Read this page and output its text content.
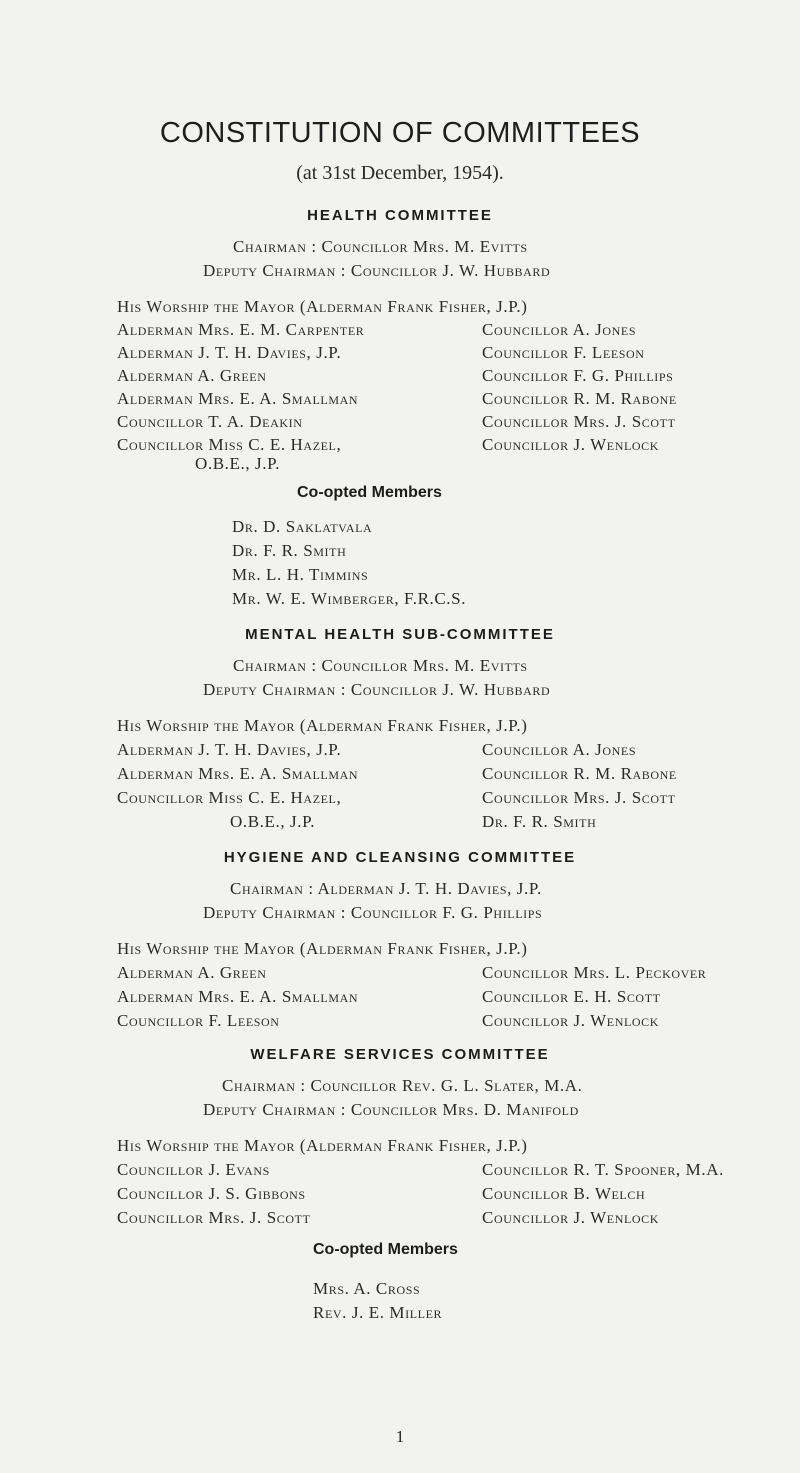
CONSTITUTION OF COMMITTEES
(at 31st December, 1954).
HEALTH COMMITTEE
Chairman : Councillor Mrs. M. Evitts
Deputy Chairman : Councillor J. W. Hubbard
His Worship the Mayor (Alderman Frank Fisher, J.P.)
Alderman Mrs. E. M. Carpenter
Alderman J. T. H. Davies, J.P.
Alderman A. Green
Alderman Mrs. E. A. Smallman
Councillor T. A. Deakin
Councillor Miss C. E. Hazel,
O.B.E., J.P.
Councillor A. Jones
Councillor F. Leeson
Councillor F. G. Phillips
Councillor R. M. Rabone
Councillor Mrs. J. Scott
Councillor J. Wenlock
Co-opted Members
Dr. D. Saklatvala
Dr. F. R. Smith
Mr. L. H. Timmins
Mr. W. E. Wimberger, F.R.C.S.
MENTAL HEALTH SUB-COMMITTEE
Chairman : Councillor Mrs. M. Evitts
Deputy Chairman : Councillor J. W. Hubbard
His Worship the Mayor (Alderman Frank Fisher, J.P.)
Alderman J. T. H. Davies, J.P.
Alderman Mrs. E. A. Smallman
Councillor Miss C. E. Hazel,
O.B.E., J.P.
Councillor A. Jones
Councillor R. M. Rabone
Councillor Mrs. J. Scott
Dr. F. R. Smith
HYGIENE AND CLEANSING COMMITTEE
Chairman : Alderman J. T. H. Davies, J.P.
Deputy Chairman : Councillor F. G. Phillips
His Worship the Mayor (Alderman Frank Fisher, J.P.)
Alderman A. Green
Alderman Mrs. E. A. Smallman
Councillor F. Leeson
Councillor Mrs. L. Peckover
Councillor E. H. Scott
Councillor J. Wenlock
WELFARE SERVICES COMMITTEE
Chairman : Councillor Rev. G. L. Slater, M.A.
Deputy Chairman : Councillor Mrs. D. Manifold
His Worship the Mayor (Alderman Frank Fisher, J.P.)
Councillor J. Evans
Councillor J. S. Gibbons
Councillor Mrs. J. Scott
Councillor R. T. Spooner, M.A.
Councillor B. Welch
Councillor J. Wenlock
Co-opted Members
Mrs. A. Cross
Rev. J. E. Miller
1
